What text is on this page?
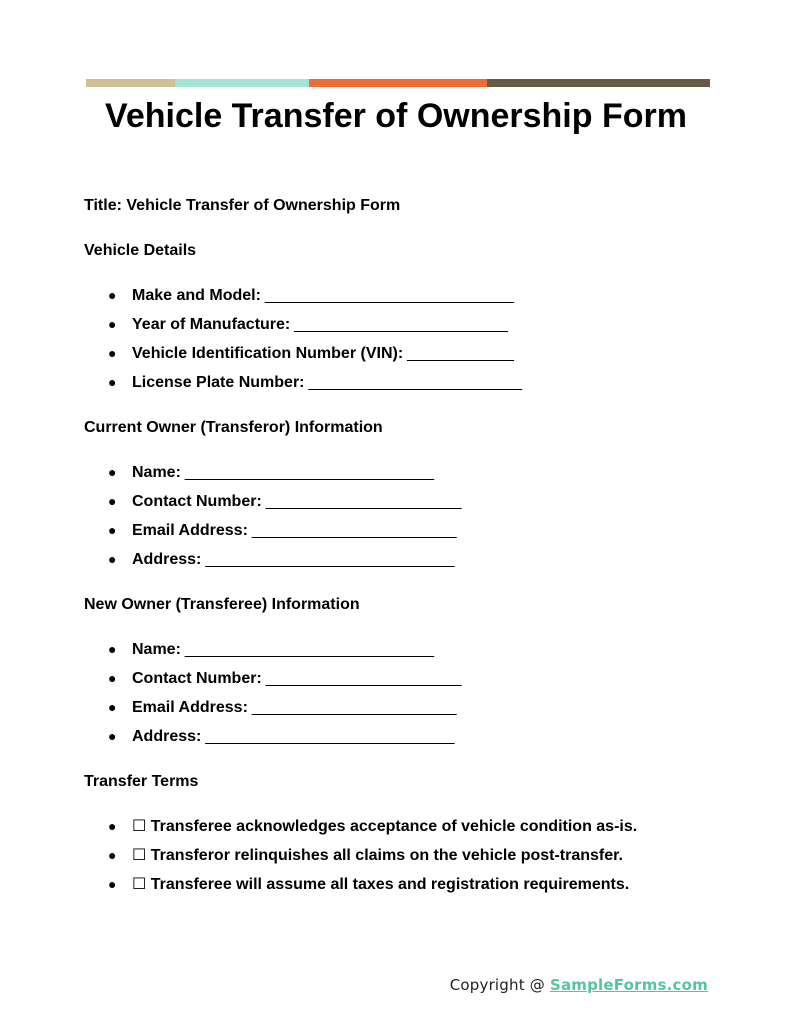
Vehicle Transfer of Ownership Form

Title: Vehicle Transfer of Ownership Form

Vehicle Details

● Make and Model: ____________________________
● Year of Manufacture: ________________________
● Vehicle Identification Number (VIN): ____________
● License Plate Number: ________________________

Current Owner (Transferor) Information

● Name: ____________________________
● Contact Number: ______________________
● Email Address: _______________________
● Address: ____________________________

New Owner (Transferee) Information

● Name: ____________________________
● Contact Number: ______________________
● Email Address: _______________________
● Address: ____________________________

Transfer Terms

● ☐ Transferee acknowledges acceptance of vehicle condition as-is.
● ☐ Transferor relinquishes all claims on the vehicle post-transfer.
● ☐ Transferee will assume all taxes and registration requirements.
Copyright @ SampleForms.com
